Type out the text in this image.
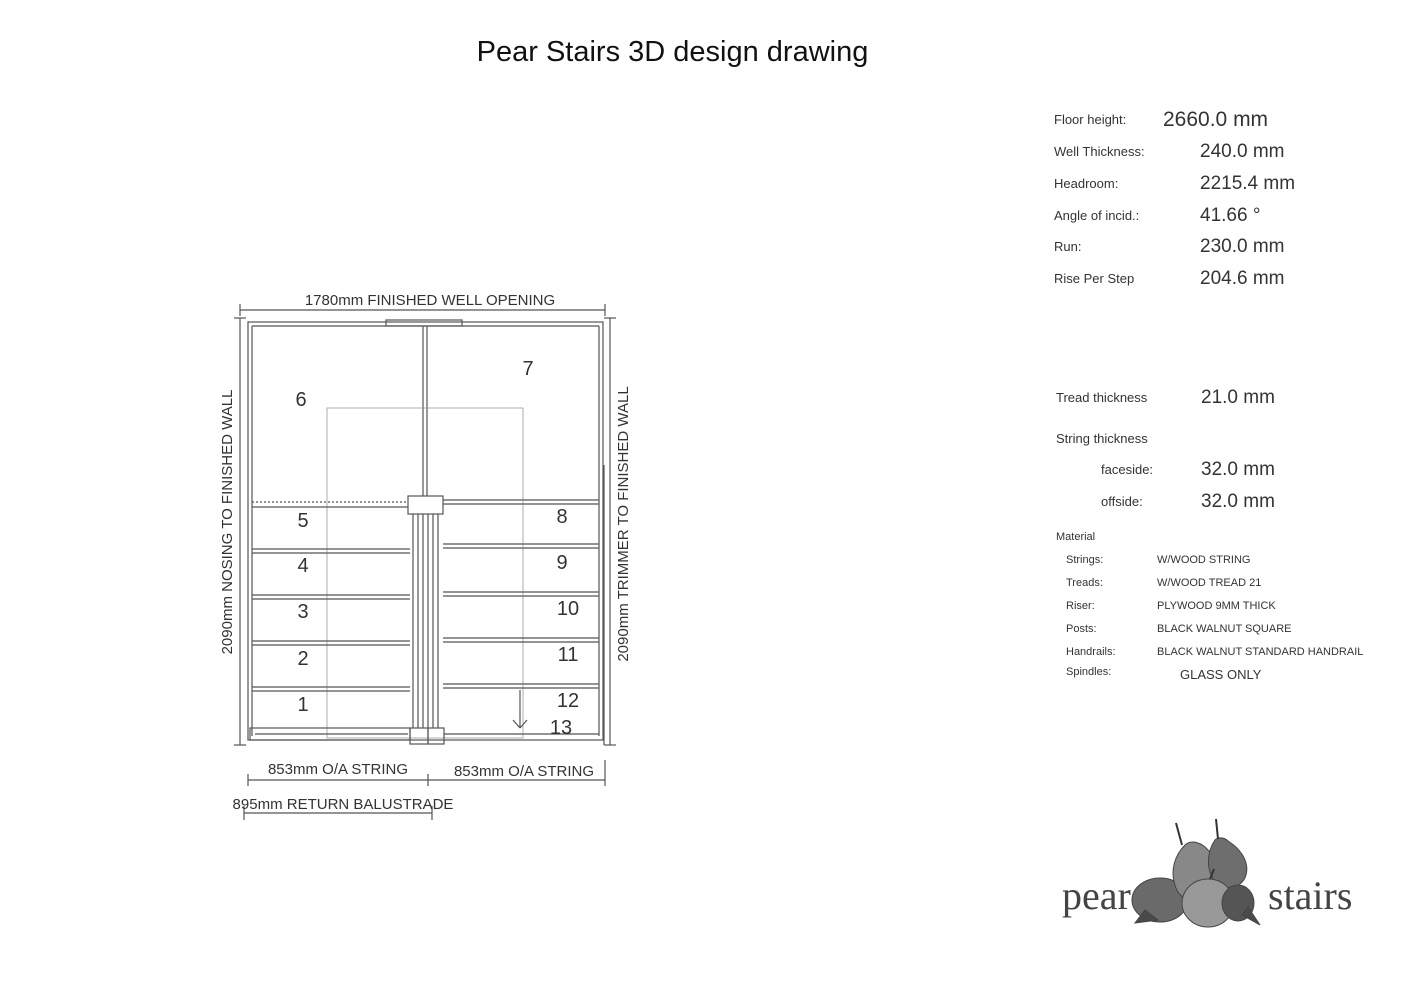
Pear Stairs 3D design drawing
Floor height: 2660.0 mm
Well Thickness:	240.0 mm
Headroom:	2215.4 mm
Angle of incid.:	41.66 °
Run:	230.0 mm
Rise Per Step	204.6 mm
Tread thickness	21.0 mm
String thickness
faceside:	32.0 mm
offside:	32.0 mm
Material
Strings:	W/WOOD STRING
Treads:	W/WOOD TREAD 21
Riser:	PLYWOOD 9MM THICK
Posts:	BLACK WALNUT SQUARE
Handrails:	BLACK WALNUT STANDARD HANDRAIL
Spindles:	GLASS ONLY
1780mm FINISHED WELL OPENING
2090mm NOSING TO FINISHED WALL	2090mm TRIMMER TO FINISHED WALL
853mm O/A STRING	853mm O/A STRING
895mm RETURN BALUSTRADE
1
2
3
4
5
6
7
8
9
10
11
12
13
pear	stairs
